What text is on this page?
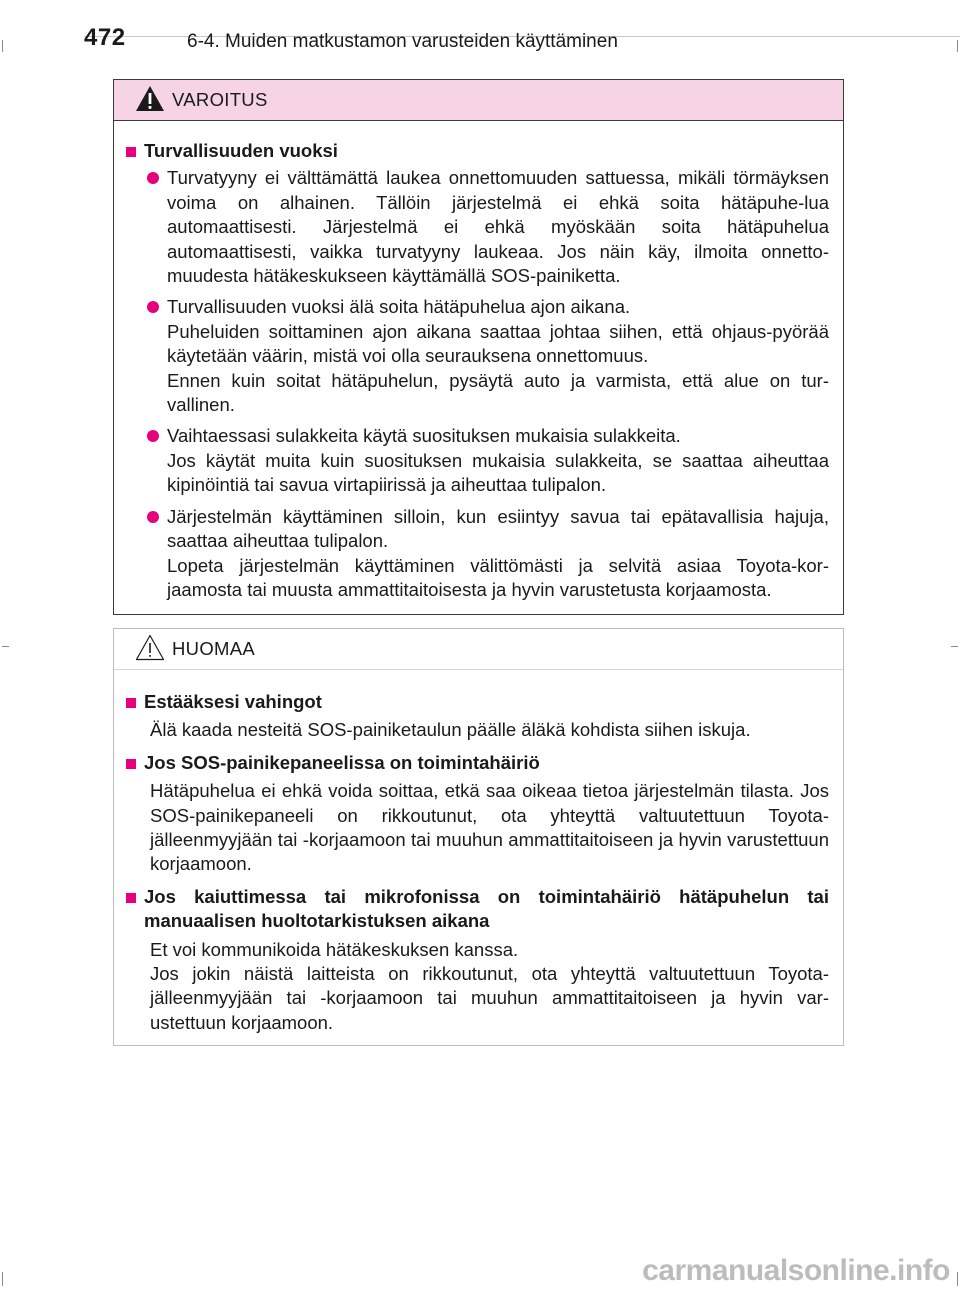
472	6-4. Muiden matkustamon varusteiden käyttäminen
VAROITUS
Turvallisuuden vuoksi
Turvatyyny ei välttämättä laukea onnettomuuden sattuessa, mikäli törmäyksen voima on alhainen. Tällöin järjestelmä ei ehkä soita hätäpuhe-lua automaattisesti. Järjestelmä ei ehkä myöskään soita hätäpuhelua automaattisesti, vaikka turvatyyny laukeaa. Jos näin käy, ilmoita onnetto-muudesta hätäkeskukseen käyttämällä SOS-painiketta.
Turvallisuuden vuoksi älä soita hätäpuhelua ajon aikana.
Puheluiden soittaminen ajon aikana saattaa johtaa siihen, että ohjaus-pyörää käytetään väärin, mistä voi olla seurauksena onnettomuus.
Ennen kuin soitat hätäpuhelun, pysäytä auto ja varmista, että alue on tur-vallinen.
Vaihtaessasi sulakkeita käytä suosituksen mukaisia sulakkeita.
Jos käytät muita kuin suosituksen mukaisia sulakkeita, se saattaa aiheuttaa kipinöintiä tai savua virtapiirissä ja aiheuttaa tulipalon.
Järjestelmän käyttäminen silloin, kun esiintyy savua tai epätavallisia hajuja, saattaa aiheuttaa tulipalon.
Lopeta järjestelmän käyttäminen välittömästi ja selvitä asiaa Toyota-kor-jaamosta tai muusta ammattitaitoisesta ja hyvin varustetusta korjaamosta.
HUOMAA
Estääksesi vahingot
Älä kaada nesteitä SOS-painiketaulun päälle äläkä kohdista siihen iskuja.
Jos SOS-painikepaneelissa on toimintahäiriö
Hätäpuhelua ei ehkä voida soittaa, etkä saa oikeaa tietoa järjestelmän tilasta. Jos SOS-painikepaneeli on rikkoutunut, ota yhteyttä valtuutettuun Toyota-jälleenmyyjään tai -korjaamoon tai muuhun ammattitaitoiseen ja hyvin varustettuun korjaamoon.
Jos kaiuttimessa tai mikrofonissa on toimintahäiriö hätäpuhelun tai manuaalisen huoltotarkistuksen aikana
Et voi kommunikoida hätäkeskuksen kanssa.
Jos jokin näistä laitteista on rikkoutunut, ota yhteyttä valtuutettuun Toyota-jälleenmyyjään tai -korjaamoon tai muuhun ammattitaitoiseen ja hyvin var-ustettuun korjaamoon.
carmanualsonline.info
